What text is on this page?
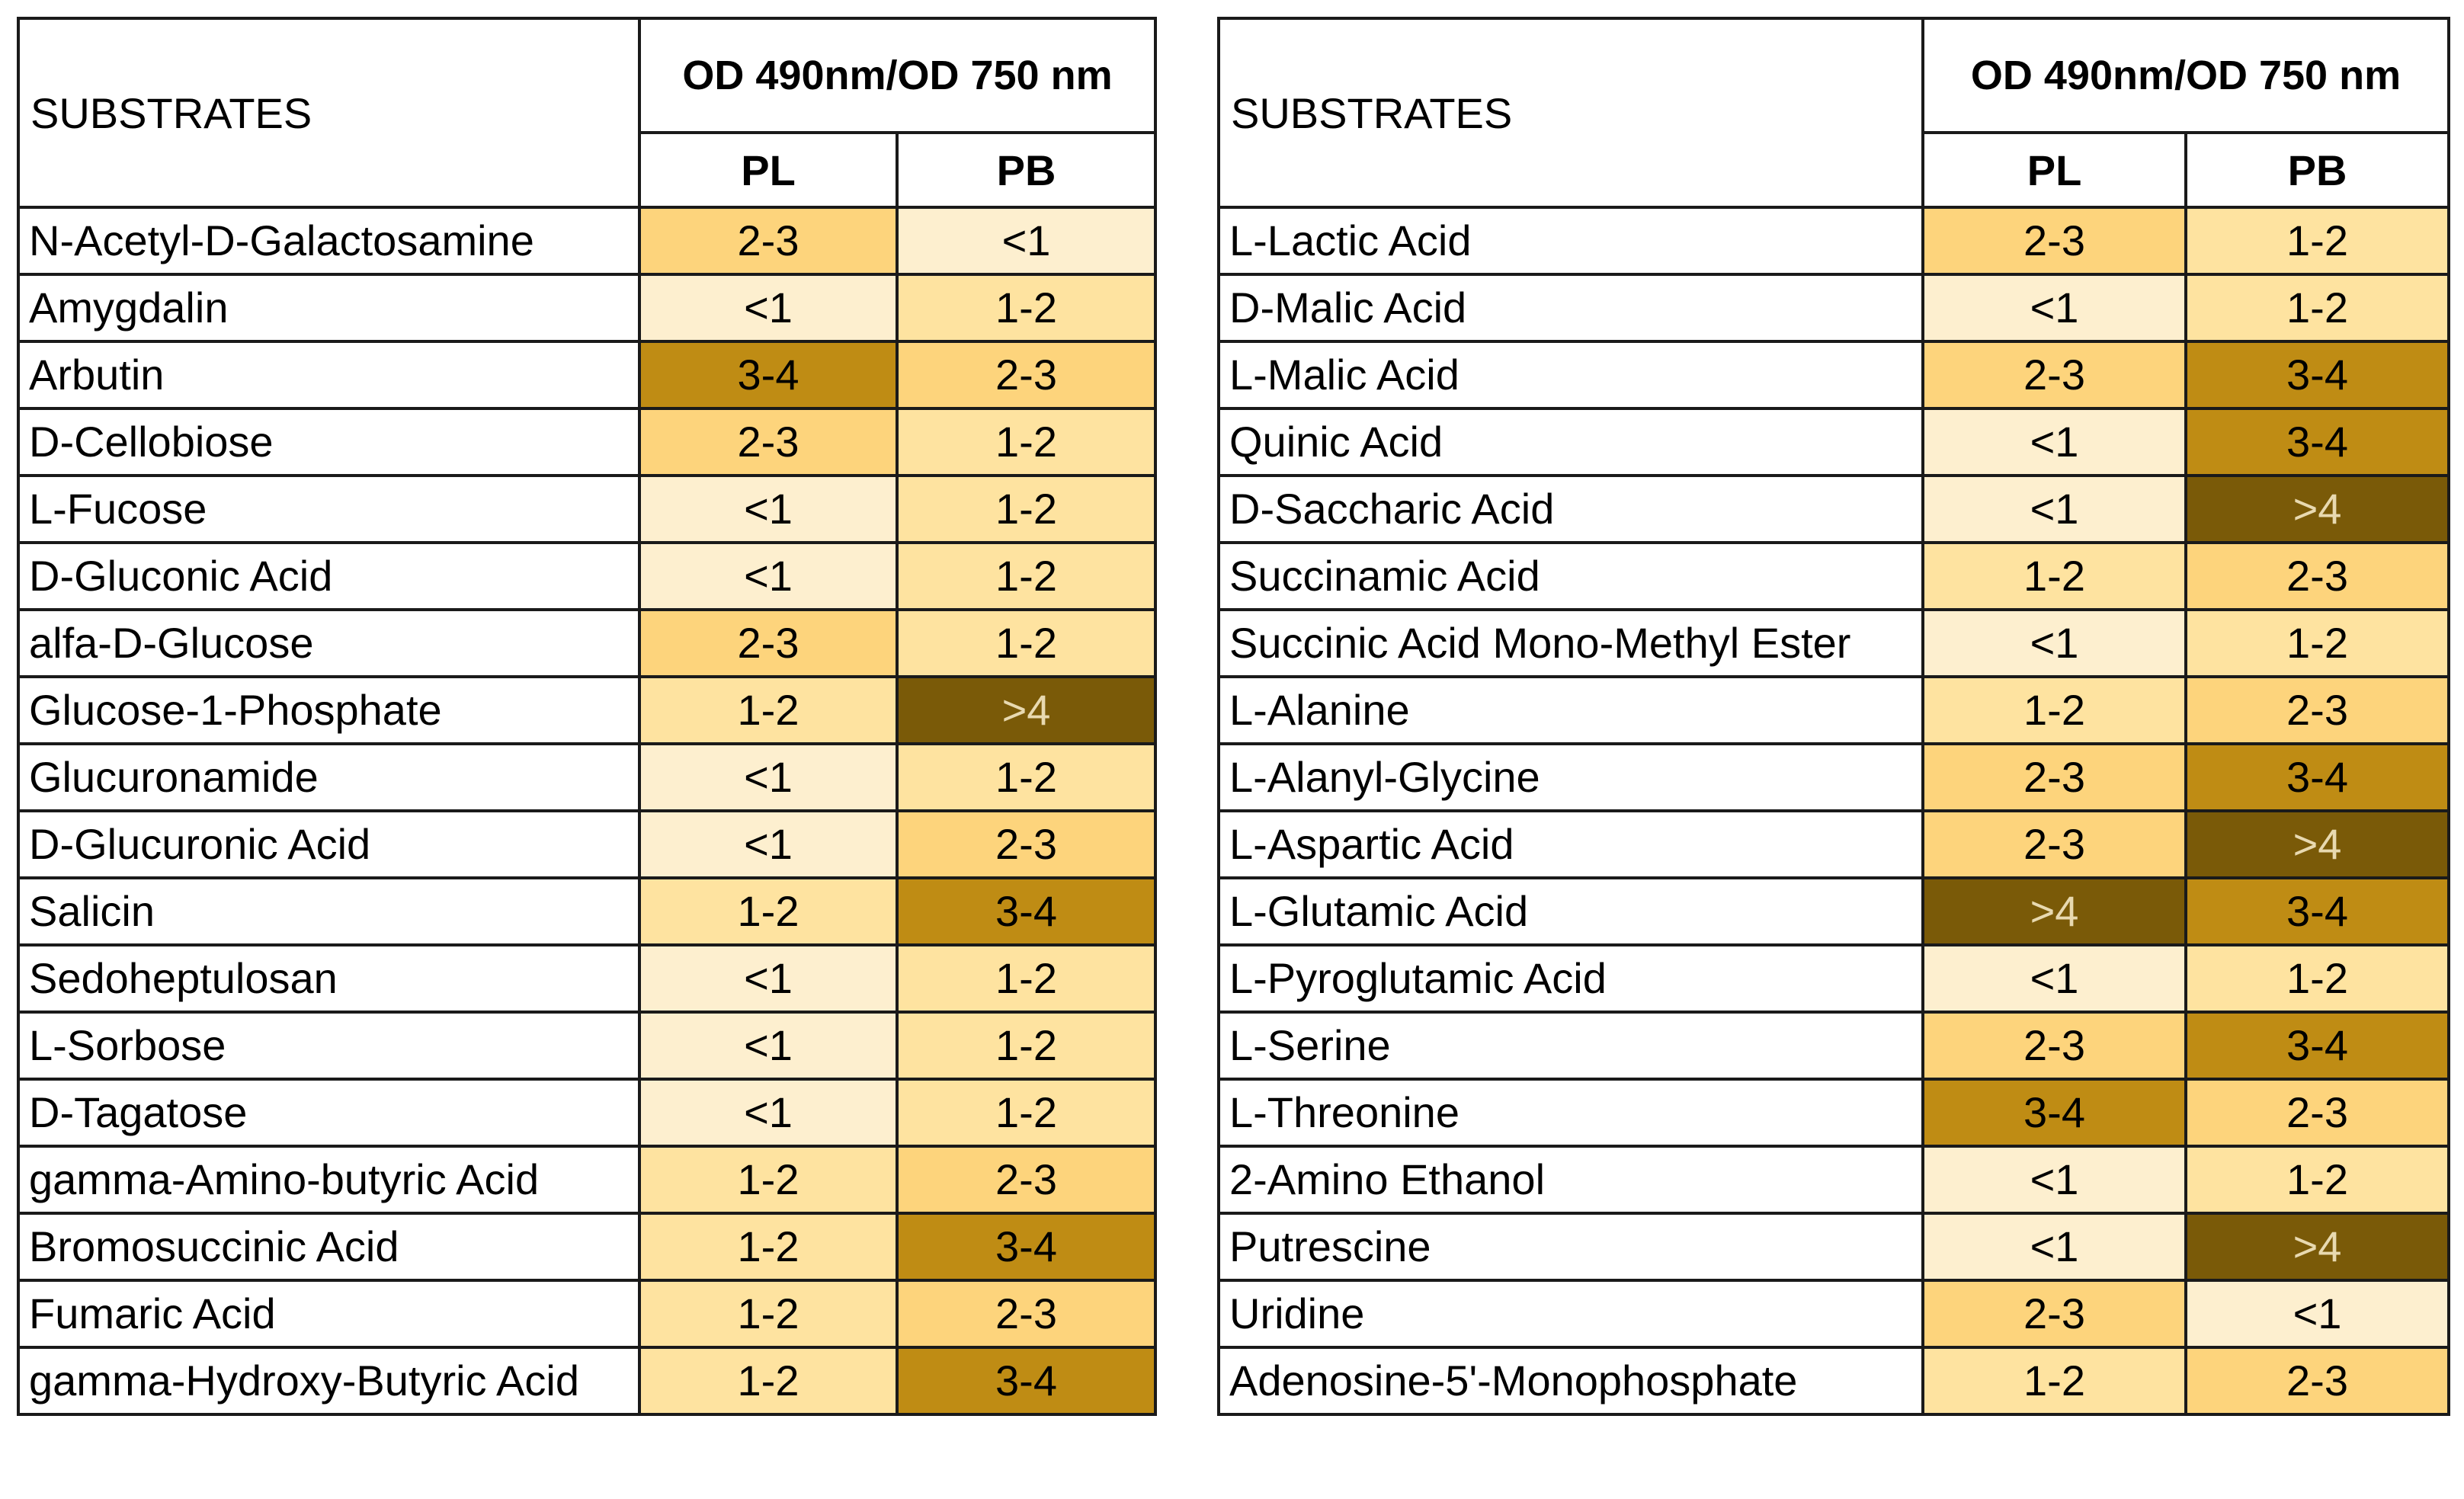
SUBSTRATES	OD 490nm/OD 750 nm	
	PL	PB
N-Acetyl-D-Galactosamine	2-3	<1
Amygdalin	<1	1-2
Arbutin	3-4	2-3
D-Cellobiose	2-3	1-2
L-Fucose	<1	1-2
D-Gluconic Acid	<1	1-2
alfa-D-Glucose	2-3	1-2
Glucose-1-Phosphate	1-2	>4
Glucuronamide	<1	1-2
D-Glucuronic Acid	<1	2-3
Salicin	1-2	3-4
Sedoheptulosan	<1	1-2
L-Sorbose	<1	1-2
D-Tagatose	<1	1-2
gamma-Amino-butyric Acid	1-2	2-3
Bromosuccinic Acid	1-2	3-4
Fumaric Acid	1-2	2-3
gamma-Hydroxy-Butyric Acid	1-2	3-4
SUBSTRATES	OD 490nm/OD 750 nm	
	PL	PB
L-Lactic Acid	2-3	1-2
D-Malic Acid	<1	1-2
L-Malic Acid	2-3	3-4
Quinic Acid	<1	3-4
D-Saccharic Acid	<1	>4
Succinamic Acid	1-2	2-3
Succinic Acid Mono-Methyl Ester	<1	1-2
L-Alanine	1-2	2-3
L-Alanyl-Glycine	2-3	3-4
L-Aspartic Acid	2-3	>4
L-Glutamic Acid	>4	3-4
L-Pyroglutamic Acid	<1	1-2
L-Serine	2-3	3-4
L-Threonine	3-4	2-3
2-Amino Ethanol	<1	1-2
Putrescine	<1	>4
Uridine	2-3	<1
Adenosine-5'-Monophosphate	1-2	2-3
